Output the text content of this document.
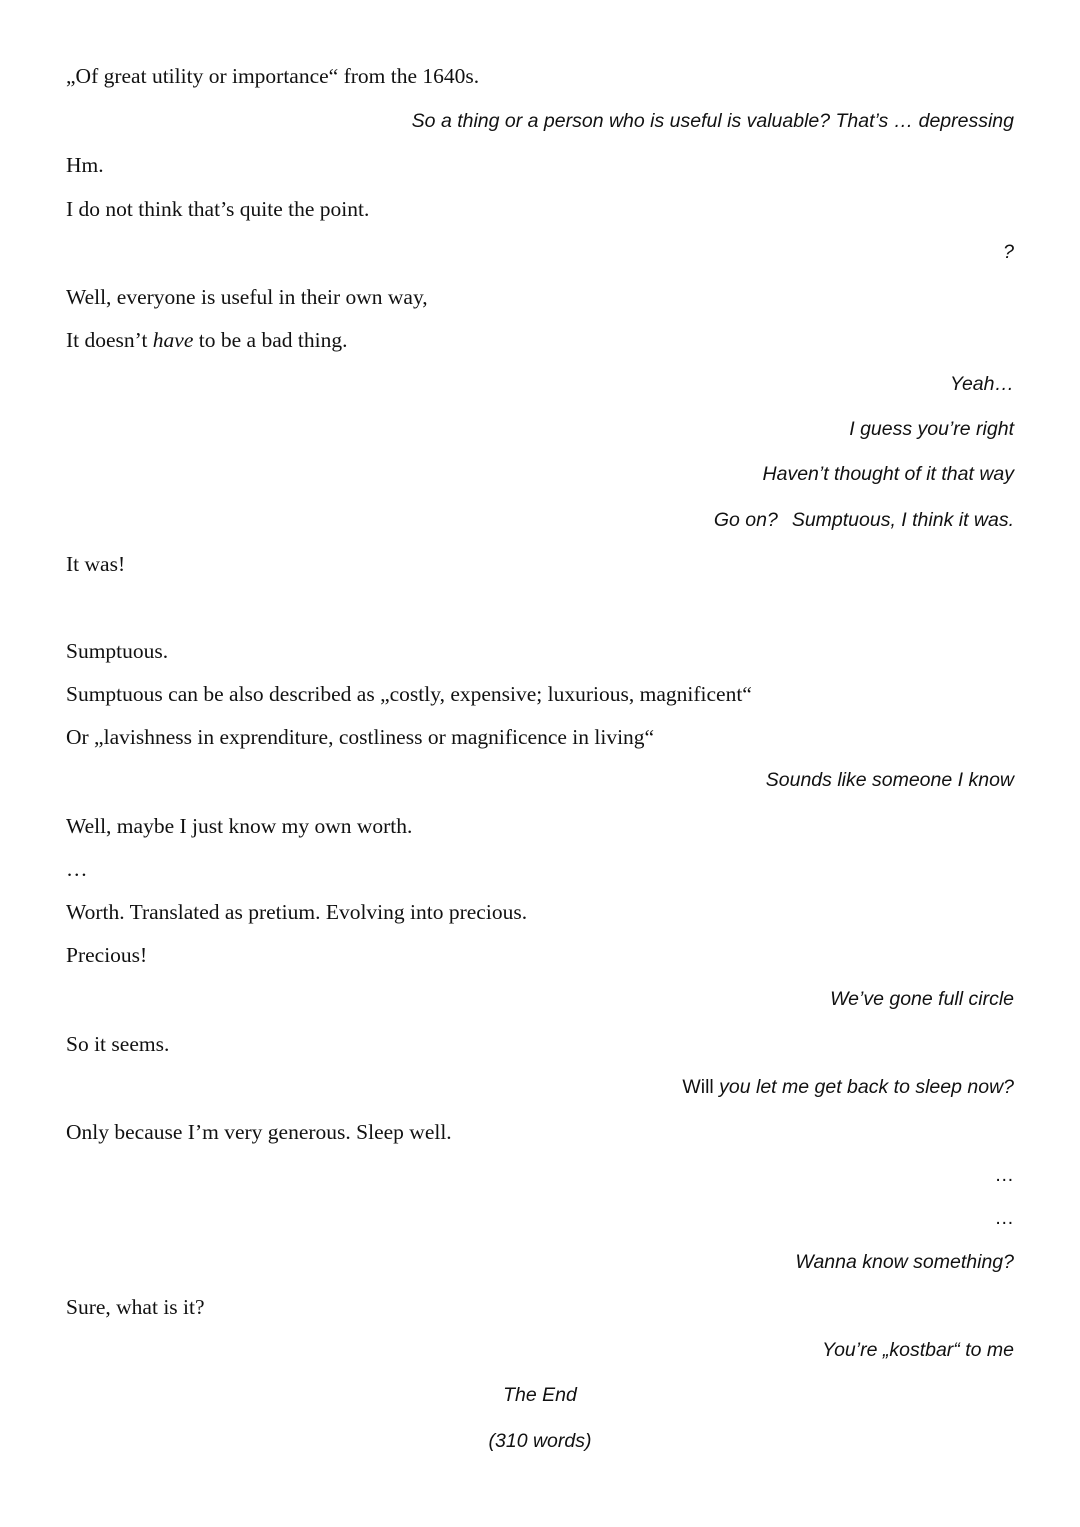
„Of great utility or importance“ from the 1640s.
So a thing or a person who is useful is valuable? That’s … depressing
Hm.
I do not think that’s quite the point.
?
Well, everyone is useful in their own way,
It doesn’t have to be a bad thing.
Yeah…
I guess you’re right
Haven’t thought of it that way
Go on? Sumptuous, I think it was.
It was!
Sumptuous.
Sumptuous can be also described as „costly, expensive; luxurious, magnificent“
Or „lavishness in exprenditure, costliness or magnificence in living“
Sounds like someone I know
Well, maybe I just know my own worth.
…
Worth. Translated as pretium. Evolving into precious.
Precious!
We’ve gone full circle
So it seems.
Will you let me get back to sleep now?
Only because I’m very generous. Sleep well.
…
…
Wanna know something?
Sure, what is it?
You’re „kostbar“ to me
The End
(310 words)
